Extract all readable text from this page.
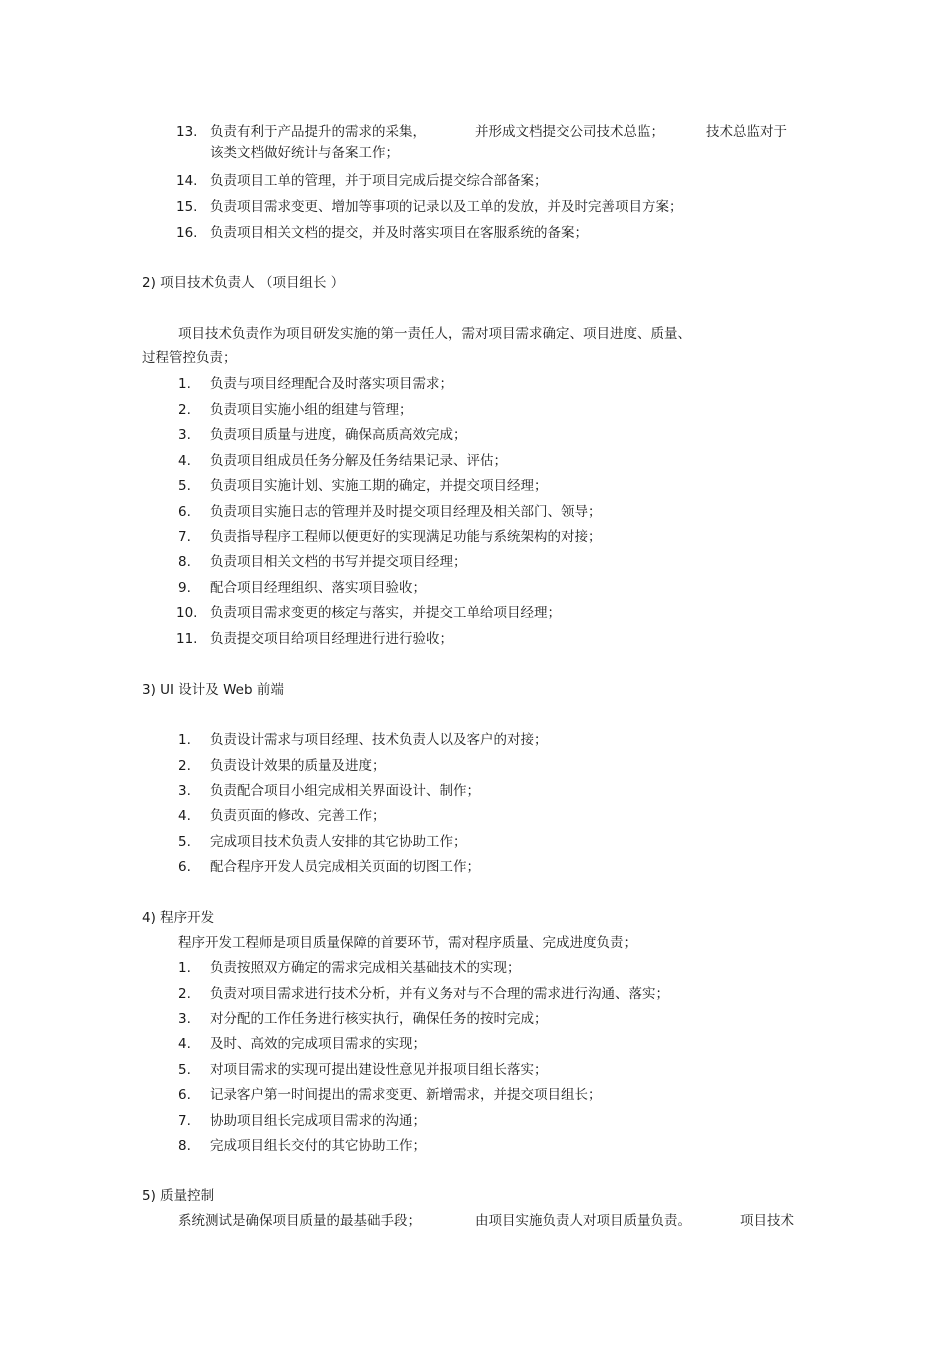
13. 负责有利于产品提升的需求的采集，	并形成文档提交公司技术总监；	技术总监对于
该类文档做好统计与备案工作；
14. 负责项目工单的管理，并于项目完成后提交综合部备案；
15. 负责项目需求变更、增加等事项的记录以及工单的发放，并及时完善项目方案；
16. 负责项目相关文档的提交，并及时落实项目在客服系统的备案；
2) 项目技术负责人 （项目组长 ）
项目技术负责作为项目研发实施的第一责任人，需对项目需求确定、项目进度、质量、
过程管控负责；
1. 负责与项目经理配合及时落实项目需求；
2. 负责项目实施小组的组建与管理；
3. 负责项目质量与进度，确保高质高效完成；
4. 负责项目组成员任务分解及任务结果记录、评估；
5. 负责项目实施计划、实施工期的确定，并提交项目经理；
6. 负责项目实施日志的管理并及时提交项目经理及相关部门、领导；
7. 负责指导程序工程师以便更好的实现满足功能与系统架构的对接；
8. 负责项目相关文档的书写并提交项目经理；
9. 配合项目经理组织、落实项目验收；
10. 负责项目需求变更的核定与落实，并提交工单给项目经理；
11. 负责提交项目给项目经理进行进行验收；
3) UI 设计及 Web 前端
1. 负责设计需求与项目经理、技术负责人以及客户的对接；
2. 负责设计效果的质量及进度；
3. 负责配合项目小组完成相关界面设计、制作；
4. 负责页面的修改、完善工作；
5. 完成项目技术负责人安排的其它协助工作；
6. 配合程序开发人员完成相关页面的切图工作；
4) 程序开发
程序开发工程师是项目质量保障的首要环节，需对程序质量、完成进度负责；
1. 负责按照双方确定的需求完成相关基础技术的实现；
2. 负责对项目需求进行技术分析，并有义务对与不合理的需求进行沟通、落实；
3. 对分配的工作任务进行核实执行，确保任务的按时完成；
4. 及时、高效的完成项目需求的实现；
5. 对项目需求的实现可提出建设性意见并报项目组长落实；
6. 记录客户第一时间提出的需求变更、新增需求，并提交项目组长；
7. 协助项目组长完成项目需求的沟通；
8. 完成项目组长交付的其它协助工作；
5) 质量控制
系统测试是确保项目质量的最基础手段；	由项目实施负责人对项目质量负责。	项目技术
